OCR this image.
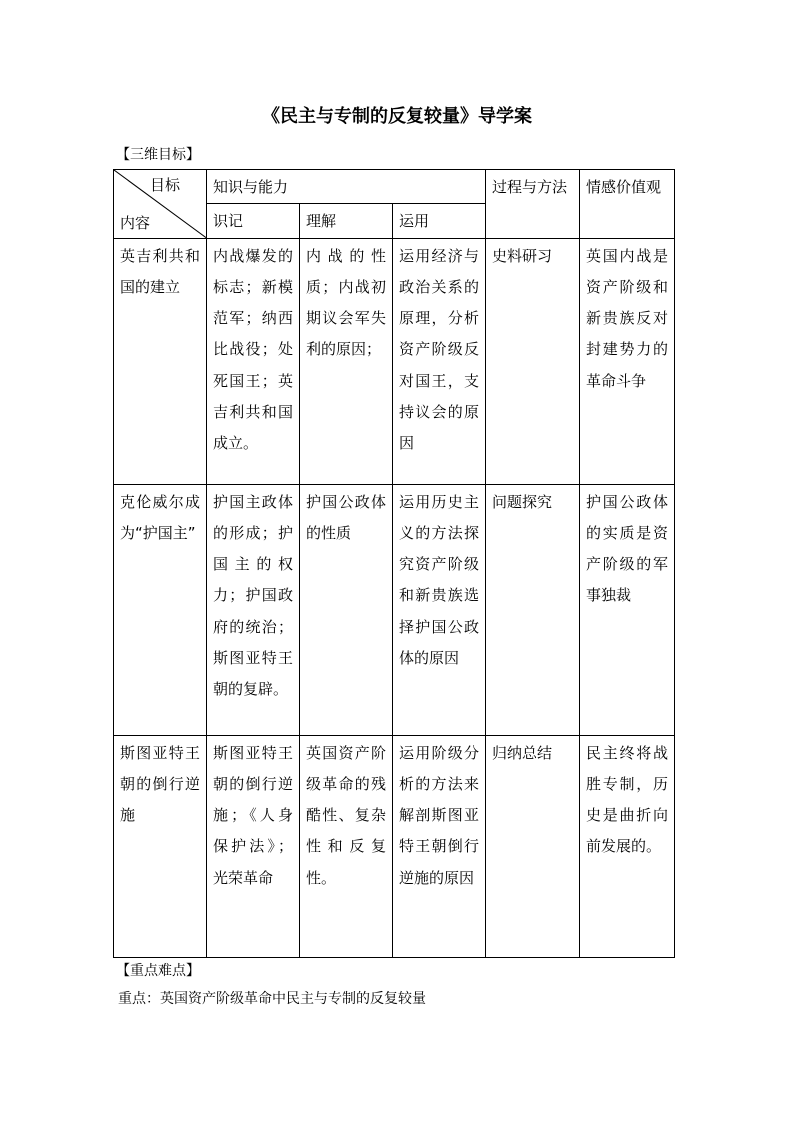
《民主与专制的反复较量》导学案
【三维目标】
目标
内容	知识与能力			过程与方法	情感价值观
	识记	理解	运用		
英吉利共和国的建立	内战爆发的标志；新模范军；纳西比战役；处死国王；英吉利共和国成立。	内战的性质；内战初期议会军失利的原因；	运用经济与政治关系的原理，分析资产阶级反对国王，支持议会的原因	史料研习	英国内战是资产阶级和新贵族反对封建势力的革命斗争
克伦威尔成为“护国主”	护国主政体的形成；护国主的权力；护国政府的统治；斯图亚特王朝的复辟。	护国公政体的性质	运用历史主义的方法探究资产阶级和新贵族选择护国公政体的原因	问题探究	护国公政体的实质是资产阶级的军事独裁
斯图亚特王朝的倒行逆施	斯图亚特王朝的倒行逆施；《人身保护法》；光荣革命	英国资产阶级革命的残酷性、复杂性和反复性。	运用阶级分析的方法来解剖斯图亚特王朝倒行逆施的原因	归纳总结	民主终将战胜专制，历史是曲折向前发展的。
【重点难点】
重点：英国资产阶级革命中民主与专制的反复较量
